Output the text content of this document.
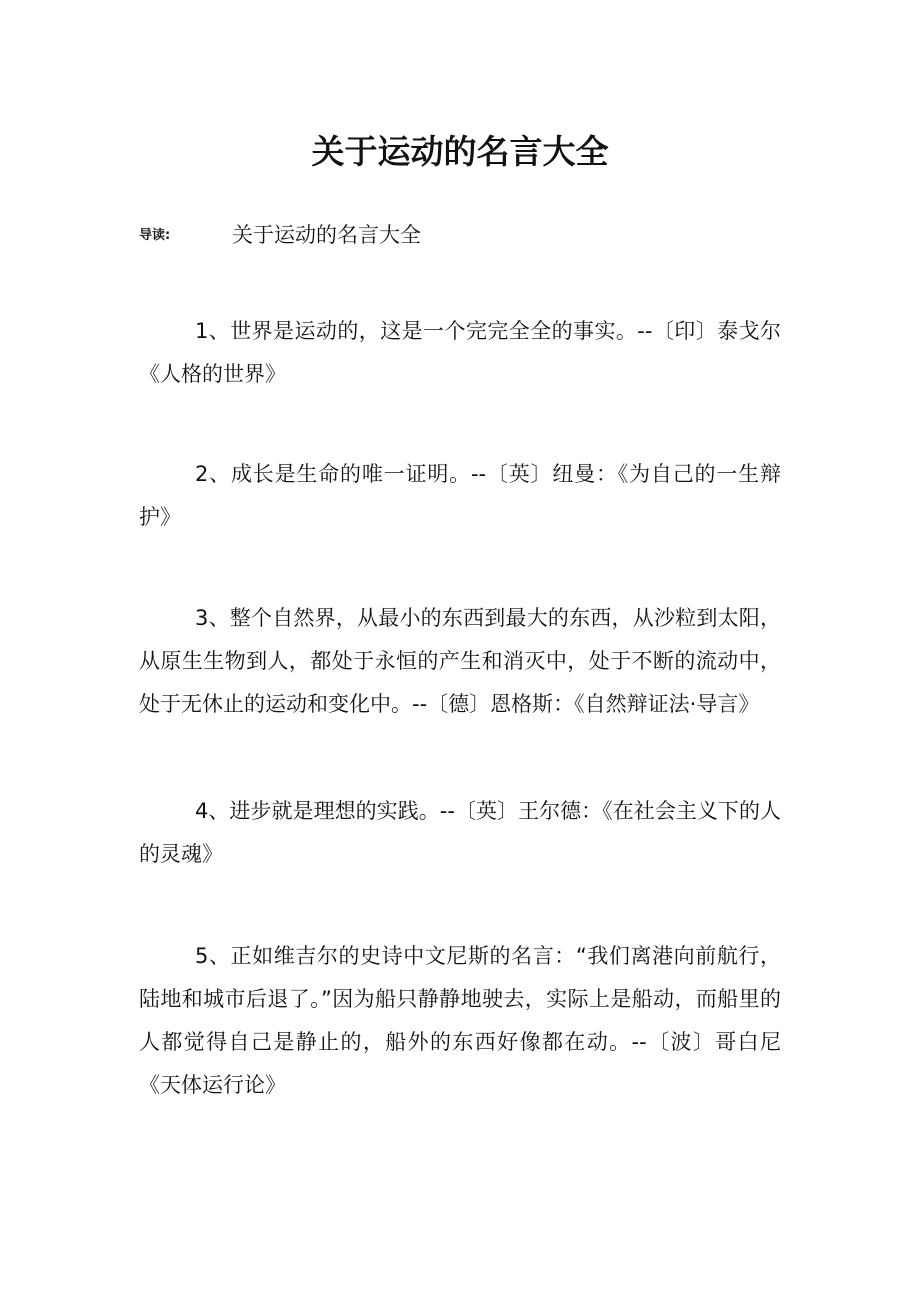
关于运动的名言大全
导读:	关于运动的名言大全

1、世界是运动的，这是一个完完全全的事实。--〔印〕泰戈尔《人格的世界》

2、成长是生命的唯一证明。--〔英〕纽曼：《为自己的一生辩护》

3、整个自然界，从最小的东西到最大的东西，从沙粒到太阳，从原生生物到人，都处于永恒的产生和消灭中，处于不断的流动中，处于无休止的运动和变化中。--〔德〕恩格斯：《自然辩证法·导言》

4、进步就是理想的实践。--〔英〕王尔德：《在社会主义下的人的灵魂》

5、正如维吉尔的史诗中文尼斯的名言：“我们离港向前航行，陆地和城市后退了。”因为船只静静地驶去，实际上是船动，而船里的人都觉得自己是静止的，船外的东西好像都在动。--〔波〕哥白尼《天体运行论》
